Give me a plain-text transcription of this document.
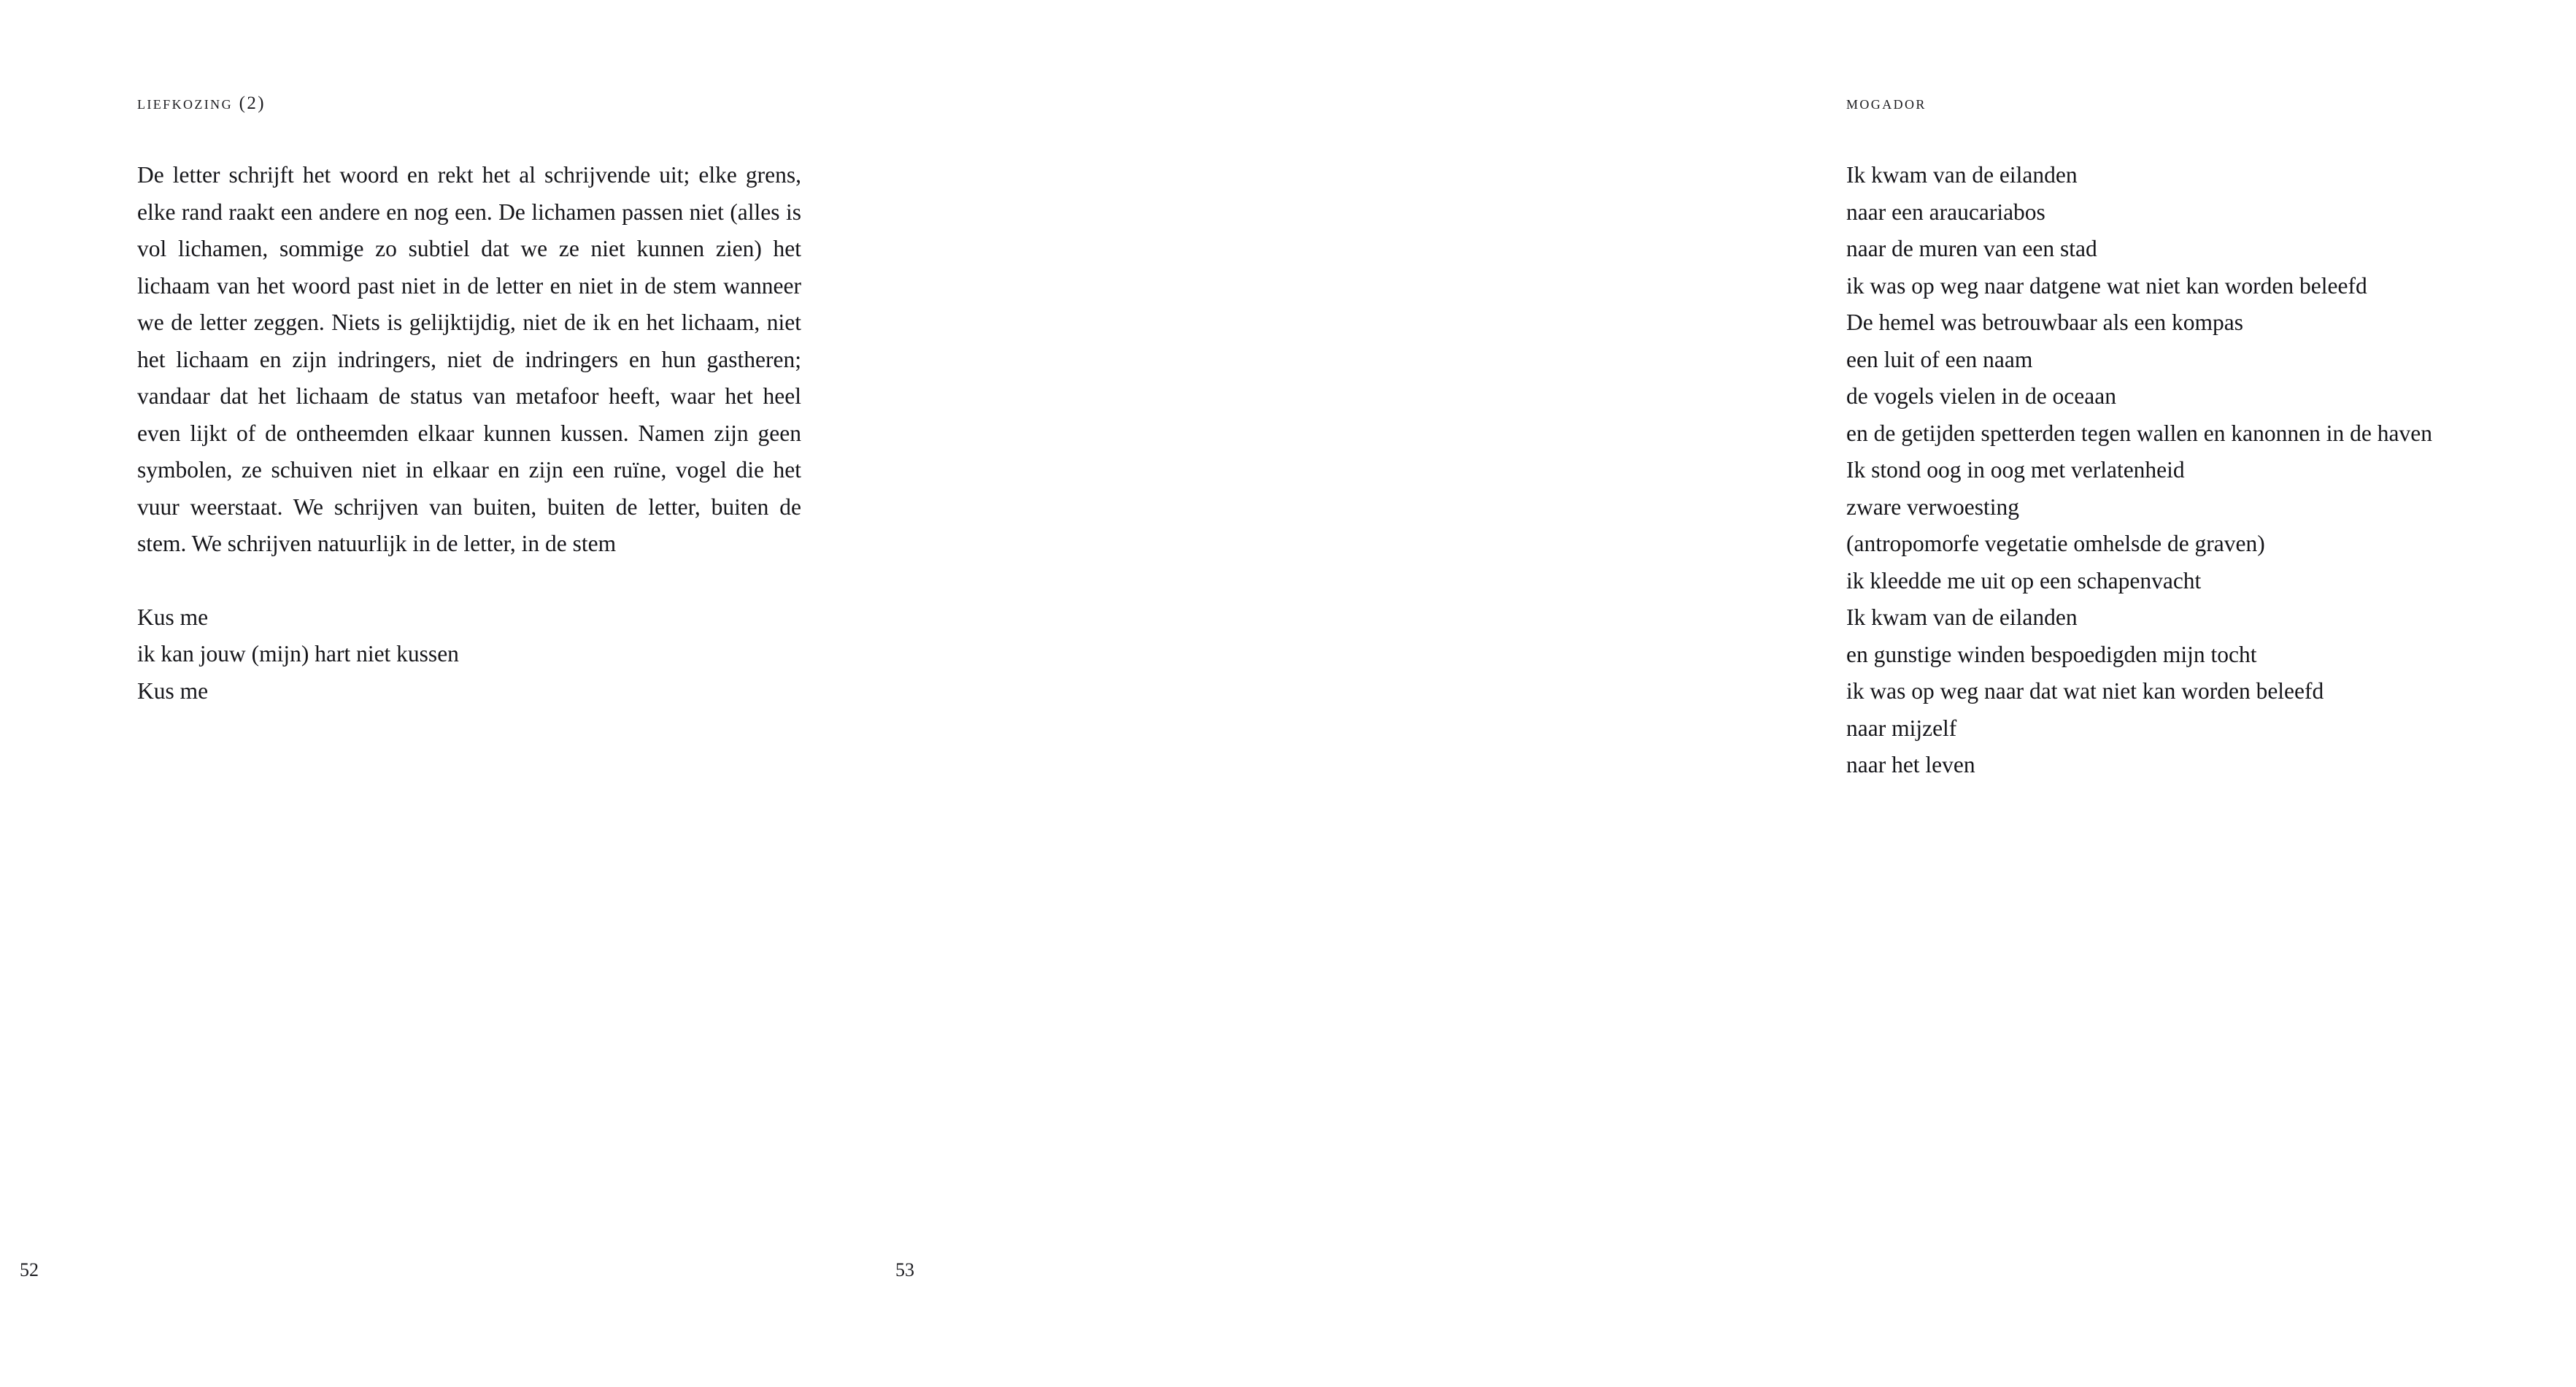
liefkozing (2)

De letter schrijft het woord en rekt het al schrijvende uit; elke grens, elke rand raakt een andere en nog een. De lichamen passen niet (alles is vol lichamen, sommige zo subtiel dat we ze niet kunnen zien) het lichaam van het woord past niet in de letter en niet in de stem wanneer we de letter zeggen. Niets is gelijktijdig, niet de ik en het lichaam, niet het lichaam en zijn indringers, niet de indringers en hun gastheren; vandaar dat het lichaam de status van metafoor heeft, waar het heel even lijkt of de ontheemden elkaar kunnen kussen. Namen zijn geen symbolen, ze schuiven niet in elkaar en zijn een ruïne, vogel die het vuur weerstaat. We schrijven van buiten, buiten de letter, buiten de stem. We schrijven natuurlijk in de letter, in de stem

Kus me
ik kan jouw (mijn) hart niet kussen
Kus me
52
mogador
Ik kwam van de eilanden
naar een araucariabos
naar de muren van een stad
ik was op weg naar datgene wat niet kan worden beleefd
De hemel was betrouwbaar als een kompas
een luit of een naam
de vogels vielen in de oceaan
en de getijden spetterden tegen wallen en kanonnen in de haven
Ik stond oog in oog met verlatenheid
zware verwoesting
(antropomorfe vegetatie omhelsde de graven)
ik kleedde me uit op een schapenvacht
Ik kwam van de eilanden
en gunstige winden bespoedigden mijn tocht
ik was op weg naar dat wat niet kan worden beleefd
naar mijzelf
naar het leven
53
